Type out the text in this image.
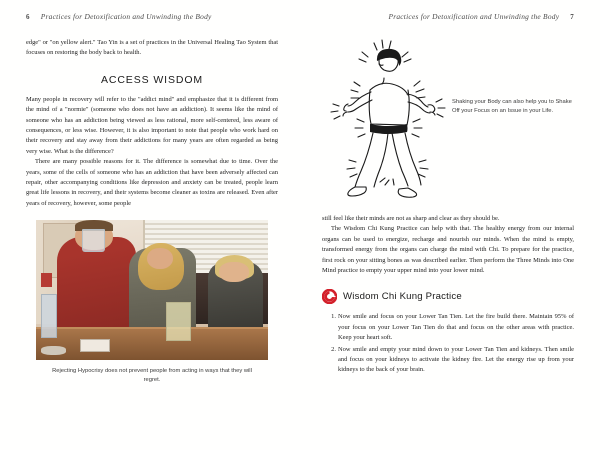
6 Practices for Detoxification and Unwinding the Body

edge" or "on yellow alert." Tao Yin is a set of practices in the Universal Healing Tao System that focuses on restoring the body back to health.

ACCESS WISDOM

Many people in recovery will refer to the "addict mind" and emphasize that it is different from the mind of a "normie" (someone who does not have an addiction). It seems like the mind of someone who has an addiction being viewed as less rational, more self-centered, less aware of consequences, or less wise. However, it is also important to note that people who work hard on their recovery and stay away from their addictions for many years are often regarded as being very wise. What is the difference?

There are many possible reasons for it. The difference is somewhat due to time. Over the years, some of the cells of someone who has an addiction that have been adversely affected can repair, other accompanying conditions like depression and anxiety can be treated, people learn great life lessons in recovery, and their systems become cleaner as toxins are released. Even after years of recovery, however, some people

Rejecting Hypocrisy does not prevent people from acting in ways that they will regret.
Practices for Detoxification and Unwinding the Body 7
Shaking your Body can also help you to Shake Off your Focus on an Issue in your Life.

still feel like their minds are not as sharp and clear as they should be.

The Wisdom Chi Kung Practice can help with that. The healthy energy from our internal organs can be used to energize, recharge and nourish our minds. When the mind is empty, transformed energy from the organs can charge the mind with Chi. To prepare for the practice, first rock on your sitting bones as was described earlier. Then perform the Three Minds into One Mind practice to empty your upper mind into your lower mind.

Wisdom Chi Kung Practice
Now smile and focus on your Lower Tan Tien. Let the fire build there. Maintain 95% of your focus on your Lower Tan Tien do that and focus on the other areas with practice. Keep your heart soft.
Now smile and empty your mind down to your Lower Tan Tien and kidneys. Then smile and focus on your kidneys to activate the kidney fire. Let the energy rise up from your kidneys to the back of your brain.
